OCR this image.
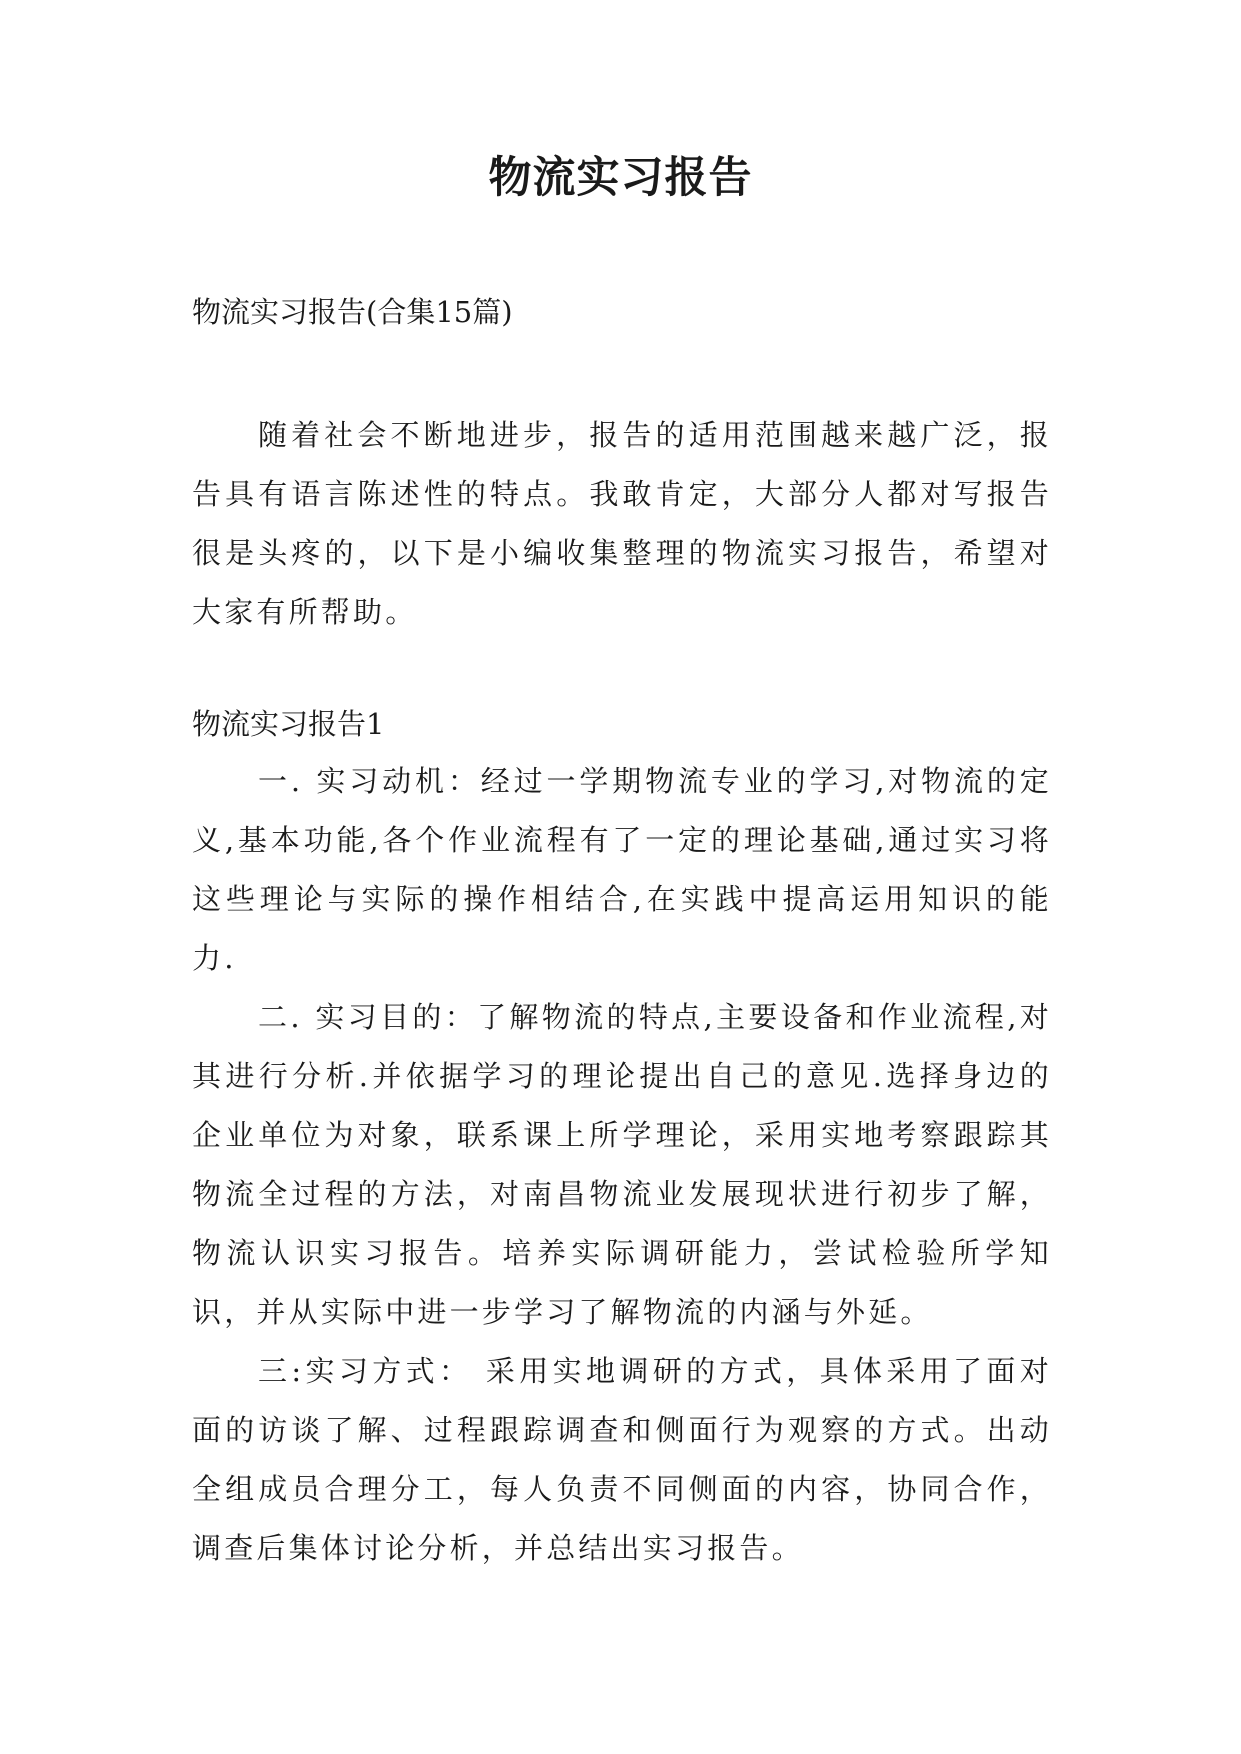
物流实习报告

物流实习报告(合集15篇)

随着社会不断地进步，报告的适用范围越来越广泛，报告具有语言陈述性的特点。我敢肯定，大部分人都对写报告很是头疼的，以下是小编收集整理的物流实习报告，希望对大家有所帮助。

物流实习报告1

一. 实习动机：经过一学期物流专业的学习,对物流的定义,基本功能,各个作业流程有了一定的理论基础,通过实习将这些理论与实际的操作相结合,在实践中提高运用知识的能力.

二. 实习目的：了解物流的特点,主要设备和作业流程,对其进行分析.并依据学习的理论提出自己的意见.选择身边的企业单位为对象，联系课上所学理论，采用实地考察跟踪其物流全过程的方法，对南昌物流业发展现状进行初步了解，物流认识实习报告。培养实际调研能力，尝试检验所学知识，并从实际中进一步学习了解物流的内涵与外延。

三:实习方式： 采用实地调研的方式，具体采用了面对面的访谈了解、过程跟踪调查和侧面行为观察的方式。出动全组成员合理分工，每人负责不同侧面的内容，协同合作，调查后集体讨论分析，并总结出实习报告。
